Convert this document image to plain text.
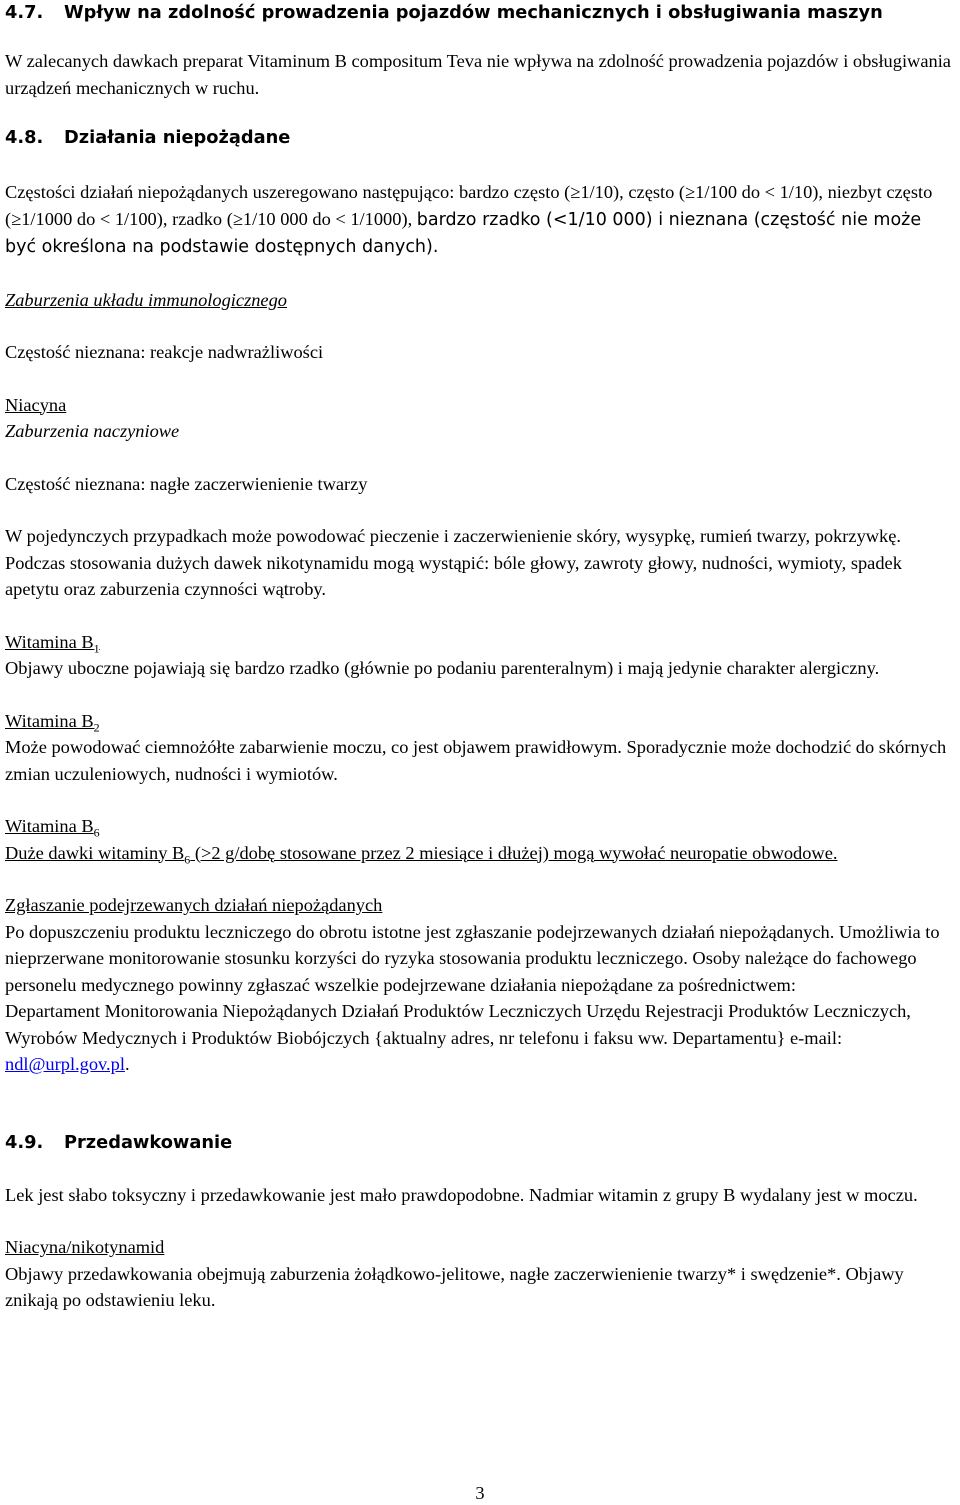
4.7. Wpływ na zdolność prowadzenia pojazdów mechanicznych i obsługiwania maszyn

W zalecanych dawkach preparat Vitaminum B compositum Teva nie wpływa na zdolność prowadzenia pojazdów i obsługiwania urządzeń mechanicznych w ruchu.

4.8. Działania niepożądane

Częstości działań niepożądanych uszeregowano następująco: bardzo często (≥1/10), często (≥1/100 do < 1/10), niezbyt często (≥1/1000 do < 1/100), rzadko (≥1/10 000 do < 1/1000), bardzo rzadko (<1/10 000) i nieznana (częstość nie może być określona na podstawie dostępnych danych).

Zaburzenia układu immunologicznego

Częstość nieznana: reakcje nadwrażliwości

Niacyna

Zaburzenia naczyniowe

Częstość nieznana: nagłe zaczerwienienie twarzy

W pojedynczych przypadkach może powodować pieczenie i zaczerwienienie skóry, wysypkę, rumień twarzy, pokrzywkę. Podczas stosowania dużych dawek nikotynamidu mogą wystąpić: bóle głowy, zawroty głowy, nudności, wymioty, spadek apetytu oraz zaburzenia czynności wątroby.

Witamina $B_1$

Objawy uboczne pojawiają się bardzo rzadko (głównie po podaniu parenteralnym) i mają jedynie charakter alergiczny.

Witamina $B_2$

Może powodować ciemnożółte zabarwienie moczu, co jest objawem prawidłowym. Sporadycznie może dochodzić do skórnych zmian uczuleniowych, nudności i wymiotów.

Witamina $B_6$

Duże dawki witaminy $B_6$ (>2 g/dobę stosowane przez 2 miesiące i dłużej) mogą wywołać neuropatie obwodowe.

Zgłaszanie podejrzewanych działań niepożądanych

Po dopuszczeniu produktu leczniczego do obrotu istotne jest zgłaszanie podejrzewanych działań niepożądanych. Umożliwia to nieprzerwane monitorowanie stosunku korzyści do ryzyka stosowania produktu leczniczego. Osoby należące do fachowego personelu medycznego powinny zgłaszać wszelkie podejrzewane działania niepożądane za pośrednictwem:

Departament Monitorowania Niepożądanych Działań Produktów Leczniczych Urzędu Rejestracji Produktów Leczniczych, Wyrobów Medycznych i Produktów Biobójczych {aktualny adres, nr telefonu i faksu ww. Departamentu} e-mail: ndl@urpl.gov.pl.

4.9. Przedawkowanie

Lek jest słabo toksyczny i przedawkowanie jest mało prawdopodobne. Nadmiar witamin z grupy B wydalany jest w moczu.

Niacyna/nikotynamid

Objawy przedawkowania obejmują zaburzenia żołądkowo-jelitowe, nagłe zaczerwienienie twarzy* i swędzenie*. Objawy znikają po odstawieniu leku.

3
